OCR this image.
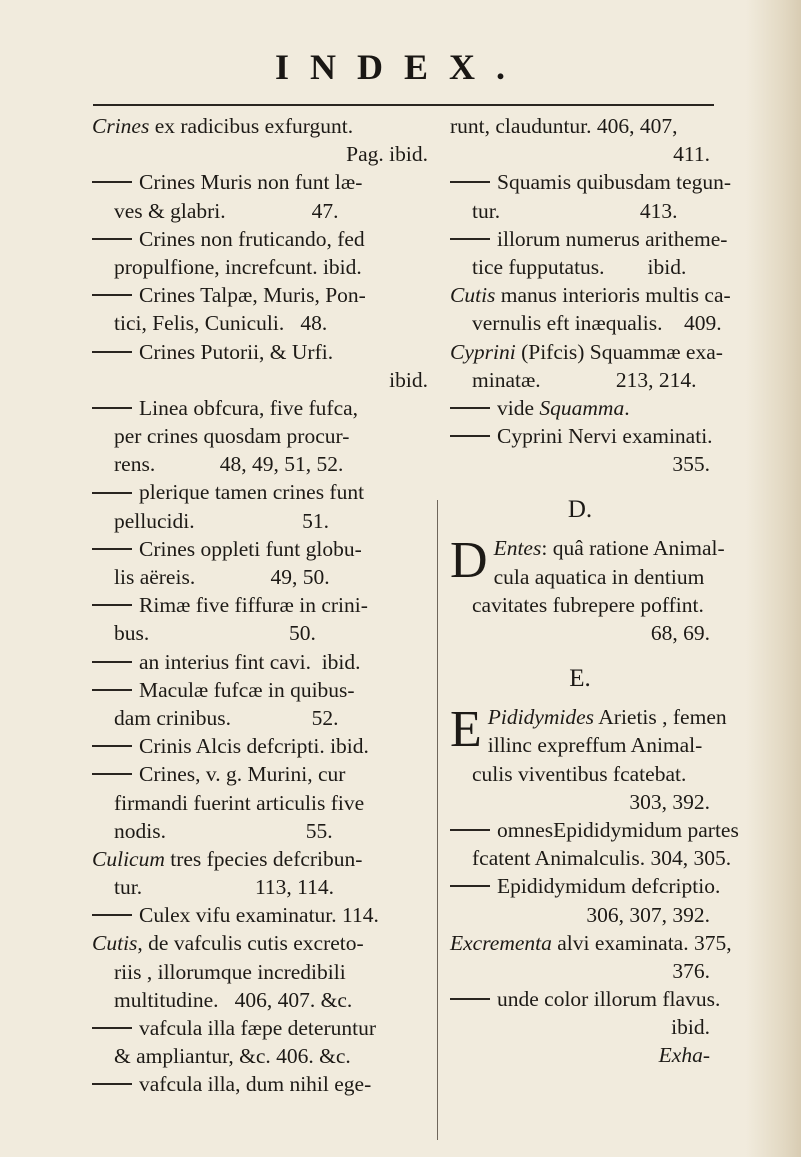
INDEX.
Crines ex radicibus exfurgunt.
Pag. ibid.
Crines Muris non funt læ-
ves & glabri.                47.
Crines non fruticando, fed
propulfione, increfcunt. ibid.
Crines Talpæ, Muris, Pon-
tici, Felis, Cuniculi.   48.
Crines Putorii, & Urfi.
ibid.
Linea obfcura, five fufca,
per crines quosdam procur-
rens.            48, 49, 51, 52.
plerique tamen crines funt
pellucidi.                    51.
Crines oppleti funt globu-
lis aëreis.              49, 50.
Rimæ five fiffuræ in crini-
bus.                          50.
an interius fint cavi.  ibid.
Maculæ fufcæ in quibus-
dam crinibus.               52.
Crinis Alcis defcripti. ibid.
Crines, v. g. Murini, cur
firmandi fuerint articulis five
nodis.                          55.
Culicum tres fpecies defcribun-
tur.                     113, 114.
Culex vifu examinatur. 114.
Cutis, de vafculis cutis excreto-
riis , illorumque incredibili
multitudine.   406, 407. &c.
vafcula illa fæpe deteruntur
& ampliantur, &c. 406. &c.
vafcula illa, dum nihil ege-
runt, clauduntur. 406, 407,
411.
Squamis quibusdam tegun-
tur.                          413.
illorum numerus aritheme-
tice fupputatus.        ibid.
Cutis manus interioris multis ca-
vernulis eft inæqualis.    409.
Cyprini (Pifcis) Squammæ exa-
minatæ.              213, 214.
vide Squamma.
Cyprini Nervi examinati.
355.
D.
D Entes: quâ ratione Animal-
cula aquatica in dentium
cavitates fubrepere poffint.
68, 69.
E.
E Pididymides Arietis , femen
illinc expreffum Animal-
culis viventibus fcatebat.
303, 392.
omnesEpididymidum partes
fcatent Animalculis. 304, 305.
Epididymidum defcriptio.
306, 307, 392.
Excrementa alvi examinata. 375,
376.
unde color illorum flavus.
ibid.
Exha-
